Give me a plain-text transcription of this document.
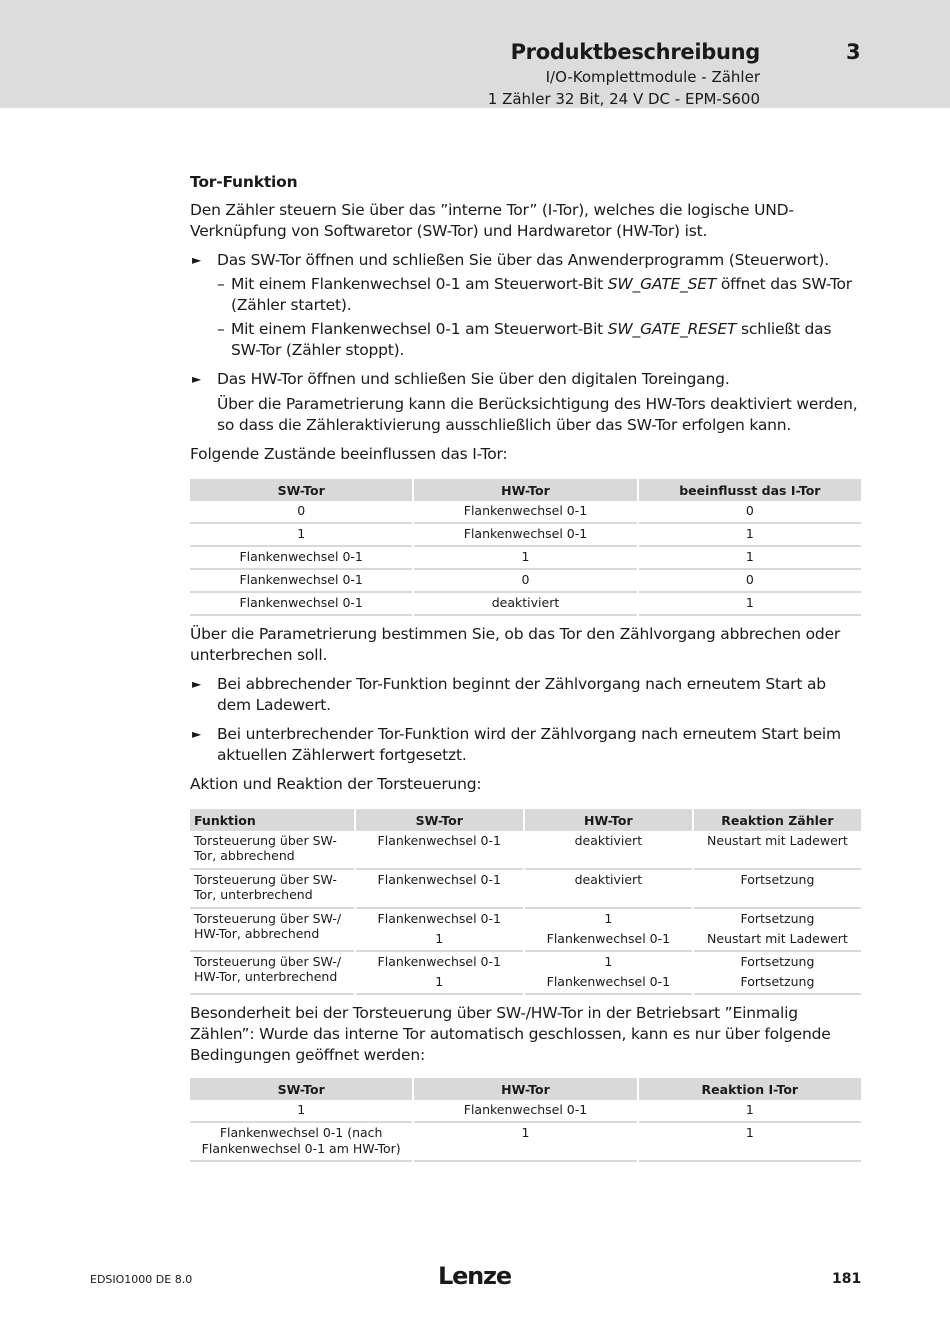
Produktbeschreibung	3
I/O-Komplettmodule - Zähler
1 Zähler 32 Bit, 24 V DC - EPM-S600

Tor-Funktion

Den Zähler steuern Sie über das ”interne Tor” (I-Tor), welches die logische UND-Verknüpfung von Softwaretor (SW-Tor) und Hardwaretor (HW-Tor) ist.

► Das SW-Tor öffnen und schließen Sie über das Anwenderprogramm (Steuerwort).
– Mit einem Flankenwechsel 0-1 am Steuerwort-Bit SW_GATE_SET öffnet das SW-Tor (Zähler startet).
– Mit einem Flankenwechsel 0-1 am Steuerwort-Bit SW_GATE_RESET schließt das SW-Tor (Zähler stoppt).
► Das HW-Tor öffnen und schließen Sie über den digitalen Toreingang.
Über die Parametrierung kann die Berücksichtigung des HW-Tors deaktiviert werden, so dass die Zähleraktivierung ausschließlich über das SW-Tor erfolgen kann.

Folgende Zustände beeinflussen das I-Tor:

SW-Tor	HW-Tor	beeinflusst das I-Tor
0	Flankenwechsel 0-1	0
1	Flankenwechsel 0-1	1
Flankenwechsel 0-1	1	1
Flankenwechsel 0-1	0	0
Flankenwechsel 0-1	deaktiviert	1

Über die Parametrierung bestimmen Sie, ob das Tor den Zählvorgang abbrechen oder unterbrechen soll.

► Bei abbrechender Tor-Funktion beginnt der Zählvorgang nach erneutem Start ab dem Ladewert.
► Bei unterbrechender Tor-Funktion wird der Zählvorgang nach erneutem Start beim aktuellen Zählerwert fortgesetzt.

Aktion und Reaktion der Torsteuerung:

Funktion	SW-Tor	HW-Tor	Reaktion Zähler
Torsteuerung über SW-Tor, abbrechend	Flankenwechsel 0-1	deaktiviert	Neustart mit Ladewert
Torsteuerung über SW-Tor, unterbrechend	Flankenwechsel 0-1	deaktiviert	Fortsetzung
Torsteuerung über SW-/ HW-Tor, abbrechend	Flankenwechsel 0-1	1	Fortsetzung
	1	Flankenwechsel 0-1	Neustart mit Ladewert
Torsteuerung über SW-/ HW-Tor, unterbrechend	Flankenwechsel 0-1	1	Fortsetzung
	1	Flankenwechsel 0-1	Fortsetzung

Besonderheit bei der Torsteuerung über SW-/HW-Tor in der Betriebsart ”Einmalig Zählen”: Wurde das interne Tor automatisch geschlossen, kann es nur über folgende Bedingungen geöffnet werden:

SW-Tor	HW-Tor	Reaktion I-Tor
1	Flankenwechsel 0-1	1
Flankenwechsel 0-1 (nach Flankenwechsel 0-1 am HW-Tor)	1	1
EDSIO1000 DE 8.0	Lenze	181
